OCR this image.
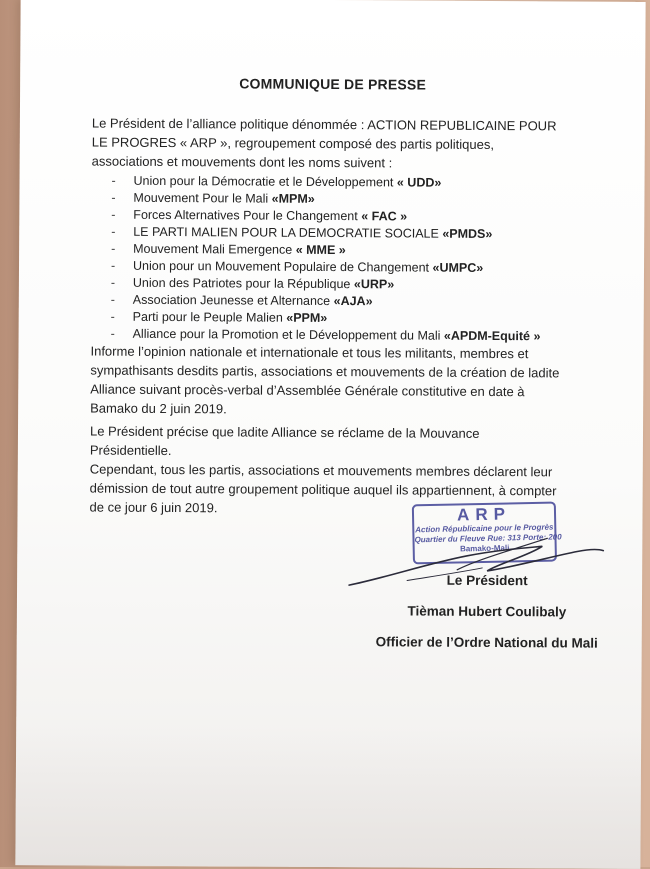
COMMUNIQUE DE PRESSE

Le Président de l’alliance politique dénommée : ACTION REPUBLICAINE POUR LE PROGRES « ARP », regroupement composé des partis politiques, associations et mouvements dont les noms suivent :

- Union pour la Démocratie et le Développement « UDD»
- Mouvement Pour le Mali «MPM»
- Forces Alternatives Pour le Changement « FAC »
- LE PARTI MALIEN POUR LA DEMOCRATIE SOCIALE «PMDS»
- Mouvement Mali Emergence « MME »
- Union pour un Mouvement Populaire de Changement «UMPC»
- Union des Patriotes pour la République «URP»
- Association Jeunesse et Alternance «AJA»
- Parti pour le Peuple Malien «PPM»
- Alliance pour la Promotion et le Développement du Mali «APDM-Equité »

Informe l’opinion nationale et internationale et tous les militants, membres et sympathisants desdits partis, associations et mouvements de la création de ladite Alliance suivant procès-verbal d’Assemblée Générale constitutive en date à Bamako du 2 juin 2019.

Le Président précise que ladite Alliance se réclame de la Mouvance Présidentielle.

Cependant, tous les partis, associations et mouvements membres déclarent leur démission de tout autre groupement politique auquel ils appartiennent, à compter de ce jour 6 juin 2019.	ARP
Action Républicaine pour le Progrès
Quartier du Fleuve Rue: 313 Porte: 200
Bamako-Mali
Le Président
Tièman Hubert Coulibaly
Officier de l’Ordre National du Mali
